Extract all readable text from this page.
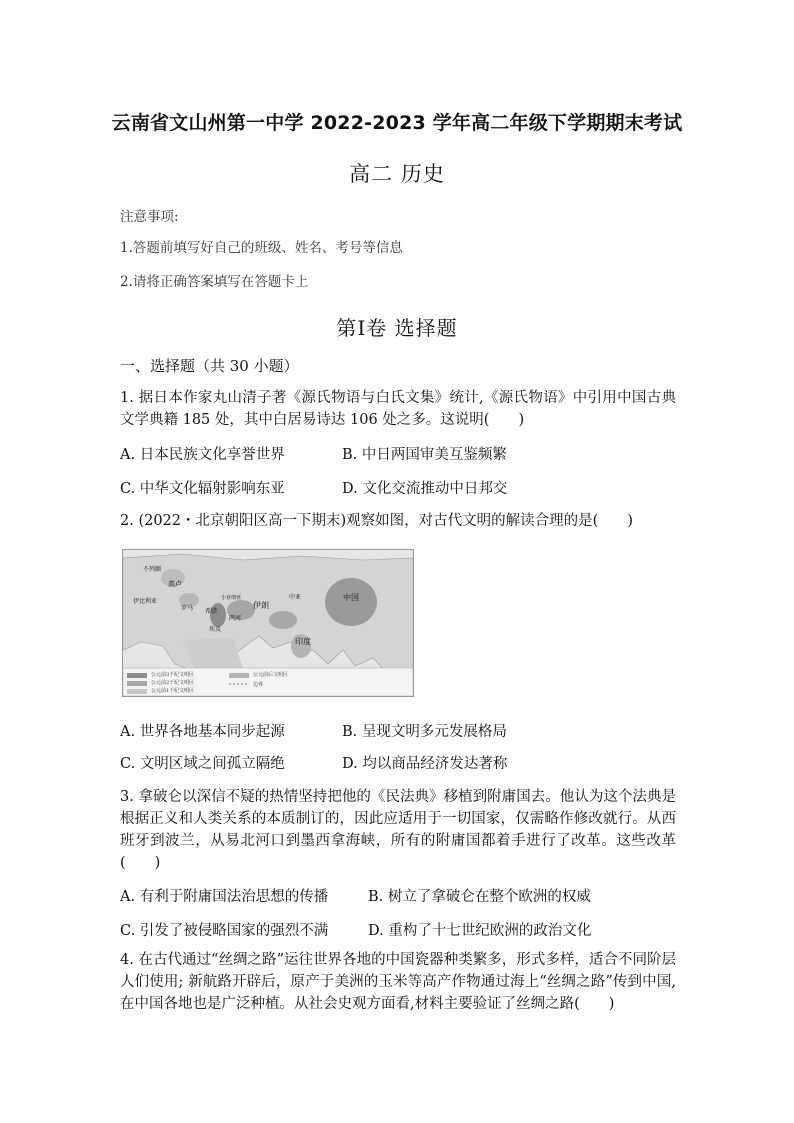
云南省文山州第一中学 2022-2023 学年高二年级下学期期末考试
高二 历史
注意事项:
1.答题前填写好自己的班级、姓名、考号等信息
2.请将正确答案填写在答题卡上
第Ⅰ卷 选择题
一、选择题（共 30 小题）
1. 据日本作家丸山清子著《源氏物语与白氏文集》统计,《源氏物语》中引用中国古典文学典籍 185 处，其中白居易诗达 106 处之多。这说明(　　)
A. 日本民族文化享誉世界	B. 中日两国审美互鉴频繁
C. 中华文化辐射影响东亚	D. 文化交流推动中日邦交
2. (2022・北京朝阳区高一下期末)观察如图，对古代文明的解读合理的是(　　)
不列颠
高卢
伊比利亚
罗马 希腊
小亚细亚
两河
伊朗
埃及
中亚
印度
中国
公元前3千纪文明区
公元前2千纪文明区
公元前1千纪文明区
公元前后文明区
边界
A. 世界各地基本同步起源	B. 呈现文明多元发展格局
C. 文明区域之间孤立隔绝	D. 均以商品经济发达著称
3. 拿破仑以深信不疑的热情坚持把他的《民法典》移植到附庸国去。他认为这个法典是根据正义和人类关系的本质制订的，因此应适用于一切国家，仅需略作修改就行。从西班牙到波兰，从易北河口到墨西拿海峡，所有的附庸国都着手进行了改革。这些改革(　　)
A. 有利于附庸国法治思想的传播	B. 树立了拿破仑在整个欧洲的权威
C. 引发了被侵略国家的强烈不满	D. 重构了十七世纪欧洲的政治文化
4. 在古代通过“丝绸之路”运往世界各地的中国瓷器种类繁多，形式多样，适合不同阶层人们使用; 新航路开辟后，原产于美洲的玉米等高产作物通过海上“丝绸之路”传到中国,在中国各地也是广泛种植。从社会史观方面看,材料主要验证了丝绸之路(　　)
